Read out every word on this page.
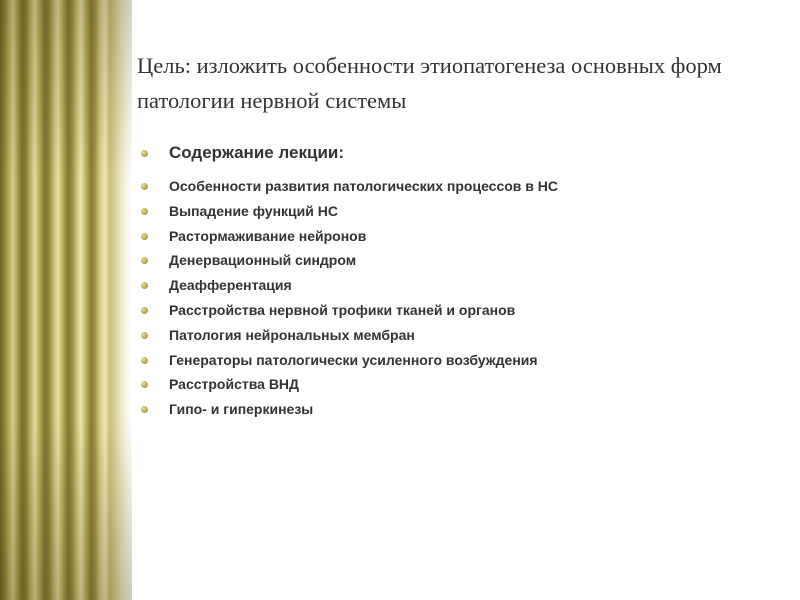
Цель: изложить особенности этиопатогенеза основных форм патологии нервной системы
Содержание лекции:
Особенности развития патологических процессов в НС
Выпадение функций НС
Растормаживание нейронов
Денервационный синдром
Деафферентация
Расстройства нервной трофики тканей и органов
Патология нейрональных мембран
Генераторы патологически усиленного возбуждения
Расстройства ВНД
Гипо- и гиперкинезы
